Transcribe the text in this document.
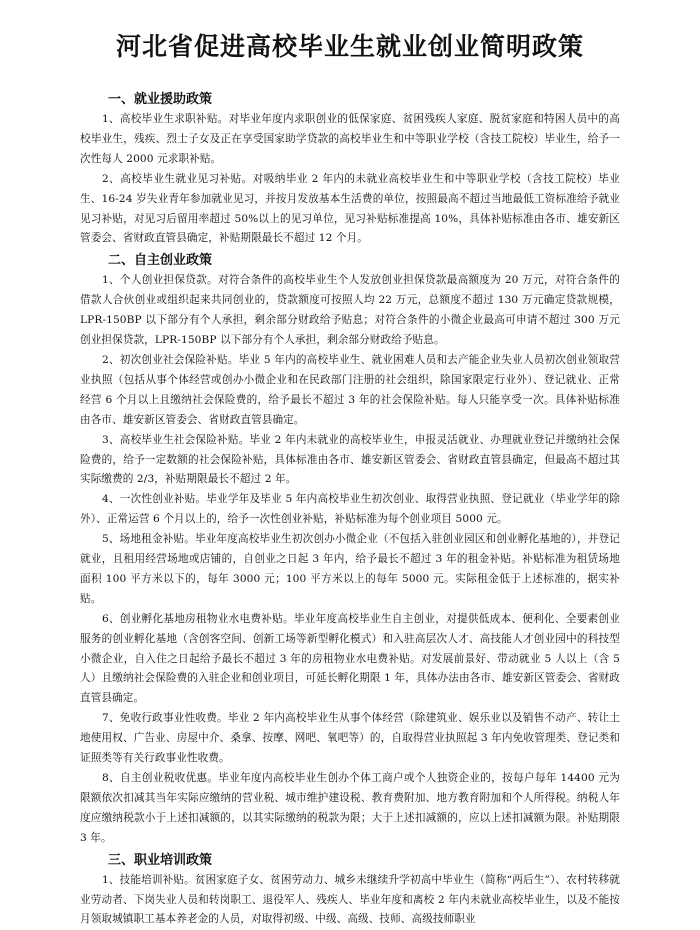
河北省促进高校毕业生就业创业简明政策
一、就业援助政策

1、高校毕业生求职补贴。对毕业年度内求职创业的低保家庭、贫困残疾人家庭、脱贫家庭和特困人员中的高校毕业生，残疾、烈士子女及正在享受国家助学贷款的高校毕业生和中等职业学校（含技工院校）毕业生，给予一次性每人 2000 元求职补贴。

2、高校毕业生就业见习补贴。对吸纳毕业 2 年内的未就业高校毕业生和中等职业学校（含技工院校）毕业生、16-24 岁失业青年参加就业见习，并按月发放基本生活费的单位，按照最高不超过当地最低工资标准给予就业见习补贴，对见习后留用率超过 50%以上的见习单位，见习补贴标准提高 10%，具体补贴标准由各市、雄安新区管委会、省财政直管县确定，补贴期限最长不超过 12 个月。

二、自主创业政策

1、个人创业担保贷款。对符合条件的高校毕业生个人发放创业担保贷款最高额度为 20 万元，对符合条件的借款人合伙创业或组织起来共同创业的，贷款额度可按照人均 22 万元，总额度不超过 130 万元确定贷款规模，LPR-150BP 以下部分有个人承担，剩余部分财政给予贴息；对符合条件的小微企业最高可申请不超过 300 万元创业担保贷款，LPR-150BP 以下部分有个人承担，剩余部分财政给予贴息。

2、初次创业社会保险补贴。毕业 5 年内的高校毕业生、就业困难人员和去产能企业失业人员初次创业领取营业执照（包括从事个体经营或创办小微企业和在民政部门注册的社会组织，除国家限定行业外）、登记就业、正常经营 6 个月以上且缴纳社会保险费的，给予最长不超过 3 年的社会保险补贴。每人只能享受一次。具体补贴标准由各市、雄安新区管委会、省财政直管县确定。

3、高校毕业生社会保险补贴。毕业 2 年内未就业的高校毕业生，申报灵活就业、办理就业登记并缴纳社会保险费的，给予一定数额的社会保险补贴，具体标准由各市、雄安新区管委会、省财政直管县确定，但最高不超过其实际缴费的 2/3，补贴期限最长不超过 2 年。

4、一次性创业补贴。毕业学年及毕业 5 年内高校毕业生初次创业、取得营业执照、登记就业（毕业学年的除外）、正常运营 6 个月以上的，给予一次性创业补贴，补贴标准为每个创业项目 5000 元。

5、场地租金补贴。毕业年度高校毕业生初次创办小微企业（不包括入驻创业园区和创业孵化基地的），并登记就业，且租用经营场地或店铺的，自创业之日起 3 年内，给予最长不超过 3 年的租金补贴。补贴标准为租赁场地面积 100 平方米以下的，每年 3000 元；100 平方米以上的每年 5000 元。实际租金低于上述标准的，据实补贴。

6、创业孵化基地房租物业水电费补贴。毕业年度高校毕业生自主创业，对提供低成本、便利化、全要素创业服务的创业孵化基地（含创客空间、创新工场等新型孵化模式）和入驻高层次人才、高技能人才创业园中的科技型小微企业，自入住之日起给予最长不超过 3 年的房租物业水电费补贴。对发展前景好、带动就业 5 人以上（含 5 人）且缴纳社会保险费的入驻企业和创业项目，可延长孵化期限 1 年，具体办法由各市、雄安新区管委会、省财政直管县确定。

7、免收行政事业性收费。毕业 2 年内高校毕业生从事个体经营（除建筑业、娱乐业以及销售不动产、转让土地使用权、广告业、房屋中介、桑拿、按摩、网吧、氧吧等）的，自取得营业执照起 3 年内免收管理类、登记类和证照类等有关行政事业性收费。

8、自主创业税收优惠。毕业年度内高校毕业生创办个体工商户或个人独资企业的，按每户每年 14400 元为限额依次扣减其当年实际应缴纳的营业税、城市维护建设税、教育费附加、地方教育附加和个人所得税。纳税人年度应缴纳税款小于上述扣减额的，以其实际缴纳的税款为限；大于上述扣减额的，应以上述扣减额为限。补贴期限 3 年。

三、职业培训政策

1、技能培训补贴。贫困家庭子女、贫困劳动力、城乡未继续升学初高中毕业生（简称“两后生”）、农村转移就业劳动者、下岗失业人员和转岗职工、退役军人、残疾人、毕业年度和离校 2 年内未就业高校毕业生，以及不能按月领取城镇职工基本养老金的人员，对取得初级、中级、高级、技师、高级技师职业
